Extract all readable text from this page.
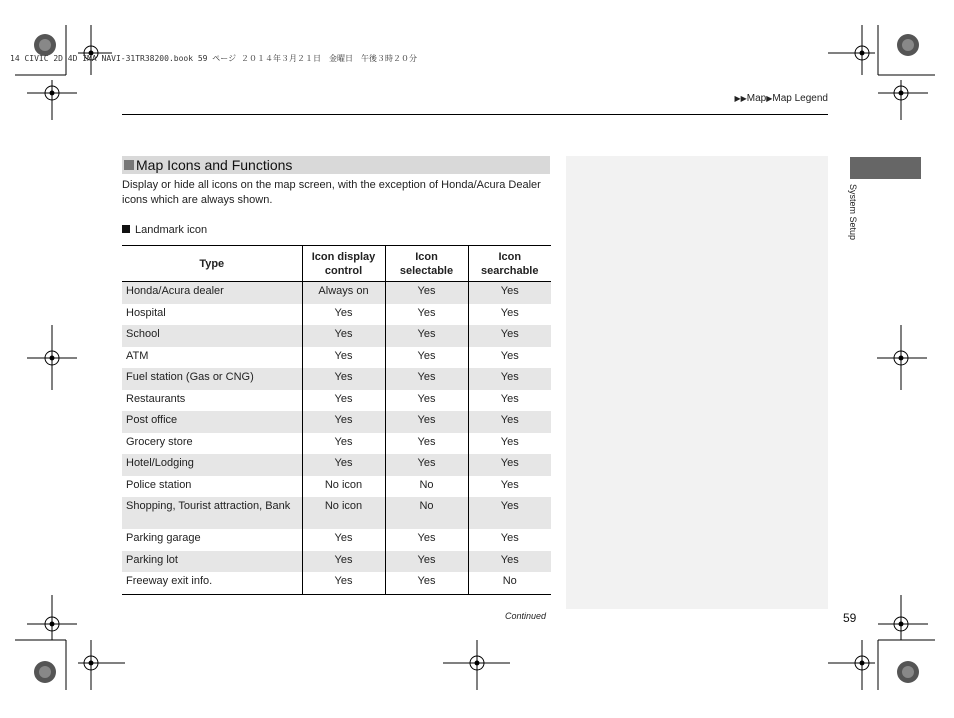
14 CIVIC 2D 4D IMA NAVI-31TR38200.book 59 ページ ２０１４年３月２１日　金曜日　午後３時２０分
▶▶Map▶Map Legend
Map Icons and Functions
Display or hide all icons on the map screen, with the exception of Honda/Acura Dealer icons which are always shown.
Landmark icon
Type	Icon display control	Icon selectable	Icon searchable
Honda/Acura dealer	Always on	Yes	Yes
Hospital	Yes	Yes	Yes
School	Yes	Yes	Yes
ATM	Yes	Yes	Yes
Fuel station (Gas or CNG)	Yes	Yes	Yes
Restaurants	Yes	Yes	Yes
Post office	Yes	Yes	Yes
Grocery store	Yes	Yes	Yes
Hotel/Lodging	Yes	Yes	Yes
Police station	No icon	No	Yes
Shopping, Tourist attraction, Bank	No icon	No	Yes
Parking garage	Yes	Yes	Yes
Parking lot	Yes	Yes	Yes
Freeway exit info.	Yes	Yes	No
Continued
System Setup
59
